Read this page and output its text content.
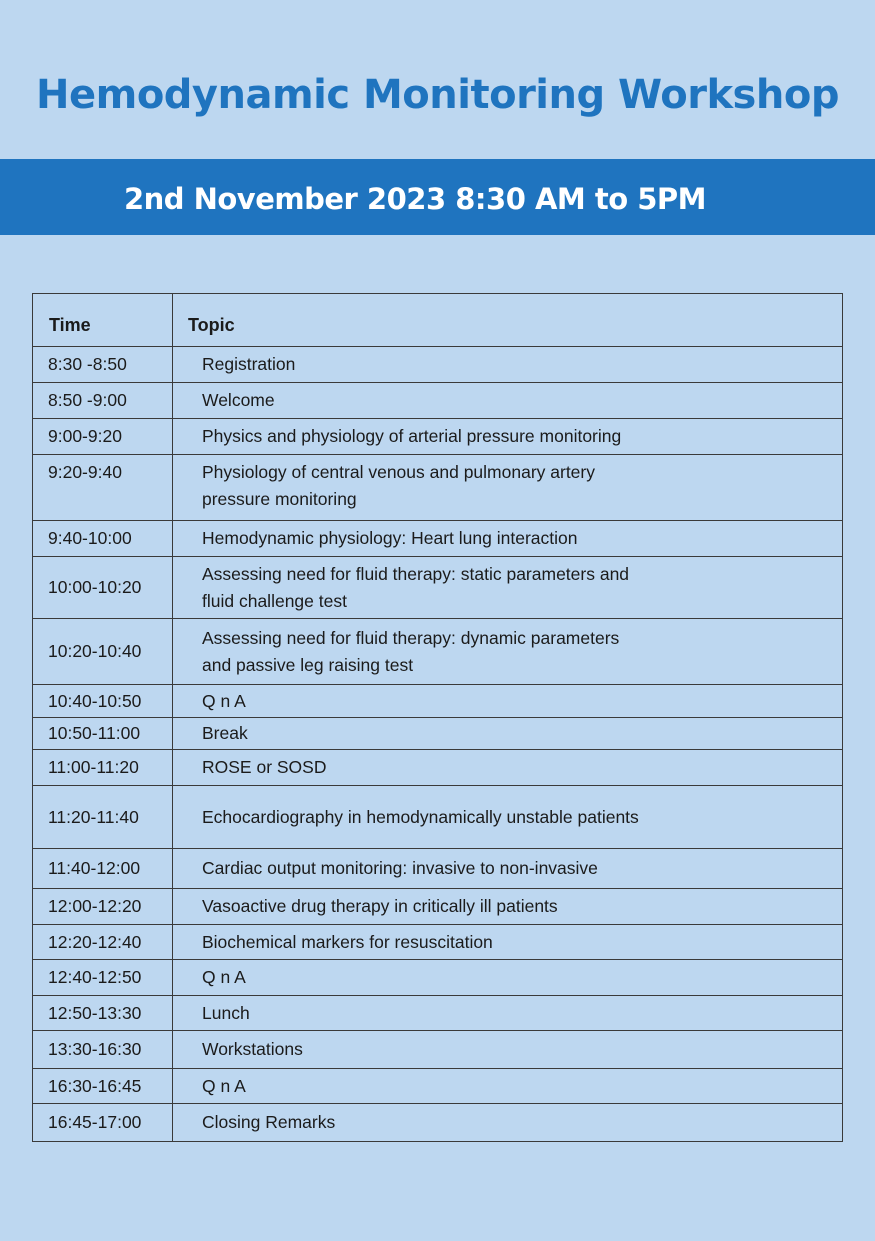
Hemodynamic Monitoring Workshop
2nd November 2023 8:30 AM to 5PM
Time	Topic
8:30 -8:50	Registration

8:50 -9:00	Welcome

9:00-9:20	Physics and physiology of arterial pressure monitoring

9:20-9:40	Physiology of central venous and pulmonary artery pressure monitoring

9:40-10:00	Hemodynamic physiology: Heart lung interaction

10:00-10:20	Assessing need for fluid therapy: static parameters and fluid challenge test

10:20-10:40	Assessing need for fluid therapy: dynamic parameters and passive leg raising test

10:40-10:50	Q n A

10:50-11:00	Break

11:00-11:20	ROSE or SOSD

11:20-11:40	Echocardiography in hemodynamically unstable patients

11:40-12:00	Cardiac output monitoring: invasive to non-invasive

12:00-12:20	Vasoactive drug therapy in critically ill patients

12:20-12:40	Biochemical markers for resuscitation

12:40-12:50	Q n A

12:50-13:30	Lunch

13:30-16:30	Workstations

16:30-16:45	Q n A

16:45-17:00	Closing Remarks
